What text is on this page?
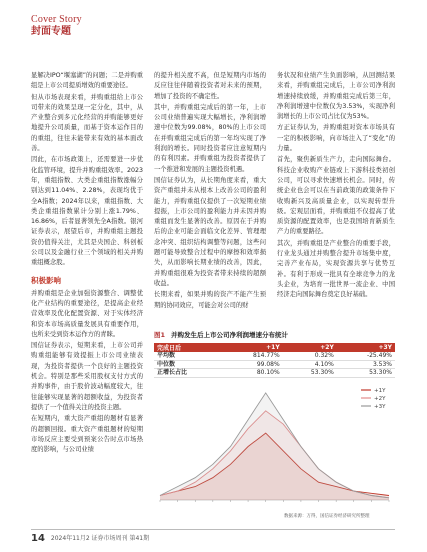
Cover Story
封面专题

显解决IPO“堰塞湖”的问题；二是并购重组是上市公司提质增效的重要途径。

但从市场表现来看，并购重组给上市公司带来的效果呈现一定分化，其中，从产业整合到多元化经营的并购能够更好地提升公司质量，而基于资本运作目的的重组，往往未能带来有效的基本面改善。

因此，在市场政策上，还需要进一步优化监管环境，提升并购重组效率。2023年，重组指数、大类企重组指数涨幅分别达到11.04%、2.28%，表现均优于全A指数；2024年以来，重组指数、大类企重组指数累计分别上涨1.79%、16.86%，后者显著领先全A指数。银河证券表示，展望后市，并购重组主题投资仍值得关注，尤其是央国企、科创板公司以及金融行业三个领域的相关并购重组概念股。

积极影响

并购重组是企业加强资源整合、调整优化产业结构的重要途径，是提高企业经营效率及优化配置资源、对于实体经济和资本市场高质量发展具有重要作用，也所来受到资本运作方的青睐。

国信证券表示，短期来看，上市公司并购重组能够有效提振上市公司业绩表现，为投资者提供一个良好的主题投资机会。特别是那些采用股权支付方式的并购事件，由于股价波动幅度较大，往往能够实现显著的超额收益，为投资者提供了一个值得关注的投资主题。

在短期内，重大资产重组的题材有显著的超额回报。重大资产重组题材的短期市场反应主要受到预案公告时点市场热度的影响，与公司业绩

的提升相关度不高，但是短期内市场的反应往往伴随着投资者对未来的预期，增加了投资的不确定性。

其中，并购重组完成后的第一年，上市公司业绩普遍实现大幅增长，净利润增速中位数为99.08%，80%的上市公司在并购重组完成后的第一年均实现了净利润的增长。同时投资者应注意短期内的有利因素。并购重组为投资者提供了一个推进和发展的主题投资机遇。

国信证券认为，从长期角度来看，重大资产重组并未从根本上改善公司的盈利能力，并购重组仅提供了一次短期业绩提振，上市公司的盈利能力并未因并购重组而发生显著的改善。原因在于并购后的企业可能会面临文化差异、管理理念冲突、组织结构调整等问题，这些问题可能导致整合过程中的摩擦和效率损失，从而影响长期业绩的改善，因此，并购重组很难为投资者带来持续的超额收益。

长期来看，如果并购的资产不能产生预期的协同效应，可能会对公司的财

务状况和业绩产生负面影响，从回测结果来看，并购重组完成后，上市公司净利润增速持续放缓，并购重组完成后第三年，净利润增速中位数仅为3.53%，实现净利润增长的上市公司占比仅为53%。

方正证券认为，并购重组对资本市场具有一定的积极影响，向市场注入了“变化”的力量。

首先，聚焦新质生产力，走向国际舞台。科技企业收购产业链或上下游科技类初创公司，可以寻求快速增长机会。同时，传统企业也会可以在当前政策的政策条件下收购新兴及高质量企业，以实现转型升级。宏观层面看，并购重组不仅提高了优质资源的配置效率，也是我国培育新质生产力的重要路径。

其次，并购重组是产业整合的重要手段，行业龙头通过并购整合提升市场集中度，完善产业布局，实现资源共享与优势互补。有利于形成一批具有全球竞争力的龙头企业，为培育一批世界一流企业、中国经济走向国际舞台奠定良好基础。

图1 并购发生后上市公司净利润增速分布统计
完成日后	+1Y	+2Y	+3Y
平均数	814.77%	0.32%	-25.49%
中位数	99.08%	4.10%	3.53%
正增长占比	80.10%	53.30%	53.30%
+1Y
+2Y
+3Y
数据来源：万得，国信证券经济研究所整理
14 2024年11月2 证券市场周刊 第41期
